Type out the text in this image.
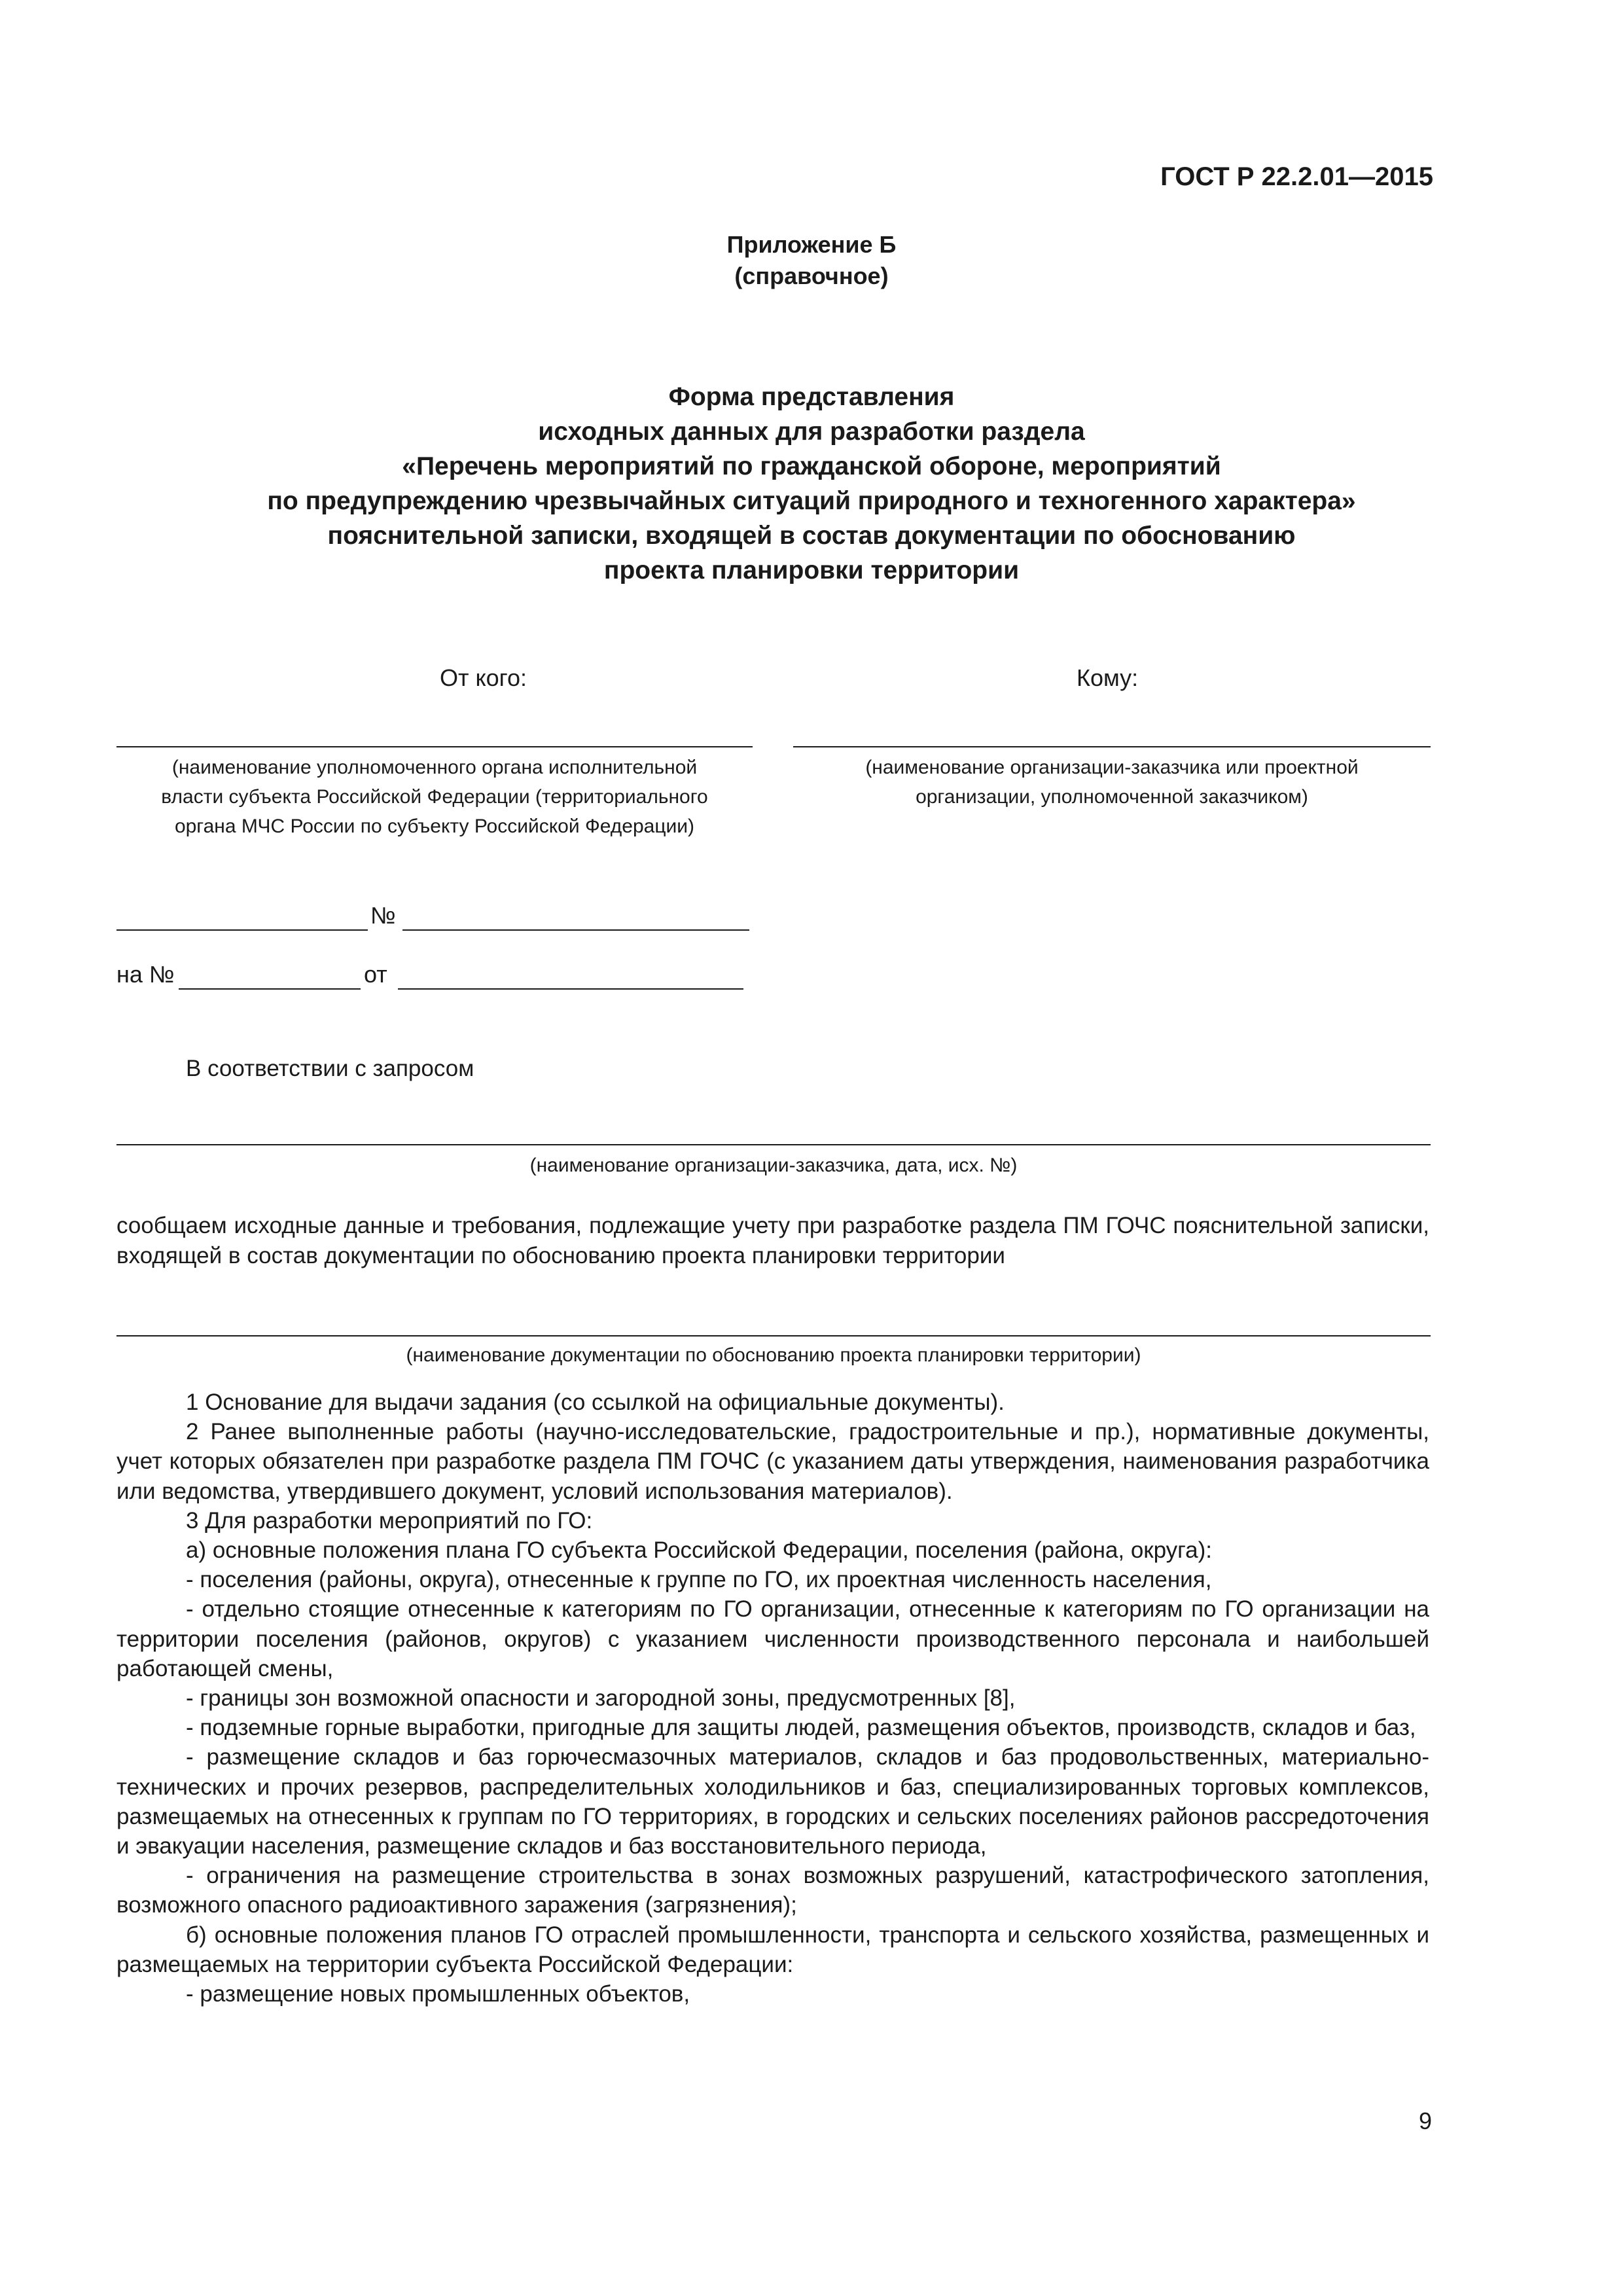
ГОСТ Р 22.2.01—2015
Приложение Б
(справочное)
Форма представления
исходных данных для разработки раздела
«Перечень мероприятий по гражданской обороне, мероприятий
по предупреждению чрезвычайных ситуаций природного и техногенного характера»
пояснительной записки, входящей в состав документации по обоснованию
проекта планировки территории
От кого:	Кому:
(наименование уполномоченного органа исполнительной
власти субъекта Российской Федерации (территориального
органа МЧС России по субъекту Российской Федерации)
(наименование организации-заказчика или проектной
организации, уполномоченной заказчиком)
№
на №	от
В соответствии с запросом
(наименование организации-заказчика, дата, исх. №)
сообщаем исходные данные и требования, подлежащие учету при разработке раздела ПМ ГОЧС пояснительной записки, входящей в состав документации по обоснованию проекта планировки территории
(наименование документации по обоснованию проекта планировки территории)

1 Основание для выдачи задания (со ссылкой на официальные документы).

2 Ранее выполненные работы (научно-исследовательские, градостроительные и пр.), нормативные документы, учет которых обязателен при разработке раздела ПМ ГОЧС (с указанием даты утверждения, наименования разработчика или ведомства, утвердившего документ, условий использования материалов).

3 Для разработки мероприятий по ГО:

а) основные положения плана ГО субъекта Российской Федерации, поселения (района, округа):

- поселения (районы, округа), отнесенные к группе по ГО, их проектная численность населения,

- отдельно стоящие отнесенные к категориям по ГО организации, отнесенные к категориям по ГО организации на территории поселения (районов, округов) с указанием численности производственного персонала и наибольшей работающей смены,

- границы зон возможной опасности и загородной зоны, предусмотренных [8],

- подземные горные выработки, пригодные для защиты людей, размещения объектов, производств, складов и баз,

- размещение складов и баз горючесмазочных материалов, складов и баз продовольственных, материально-технических и прочих резервов, распределительных холодильников и баз, специализированных торговых комплексов, размещаемых на отнесенных к группам по ГО территориях, в городских и сельских поселениях районов рассредоточения и эвакуации населения, размещение складов и баз восстановительного периода,

- ограничения на размещение строительства в зонах возможных разрушений, катастрофического затопления, возможного опасного радиоактивного заражения (загрязнения);

б) основные положения планов ГО отраслей промышленности, транспорта и сельского хозяйства, размещенных и размещаемых на территории субъекта Российской Федерации:

- размещение новых промышленных объектов,

9
